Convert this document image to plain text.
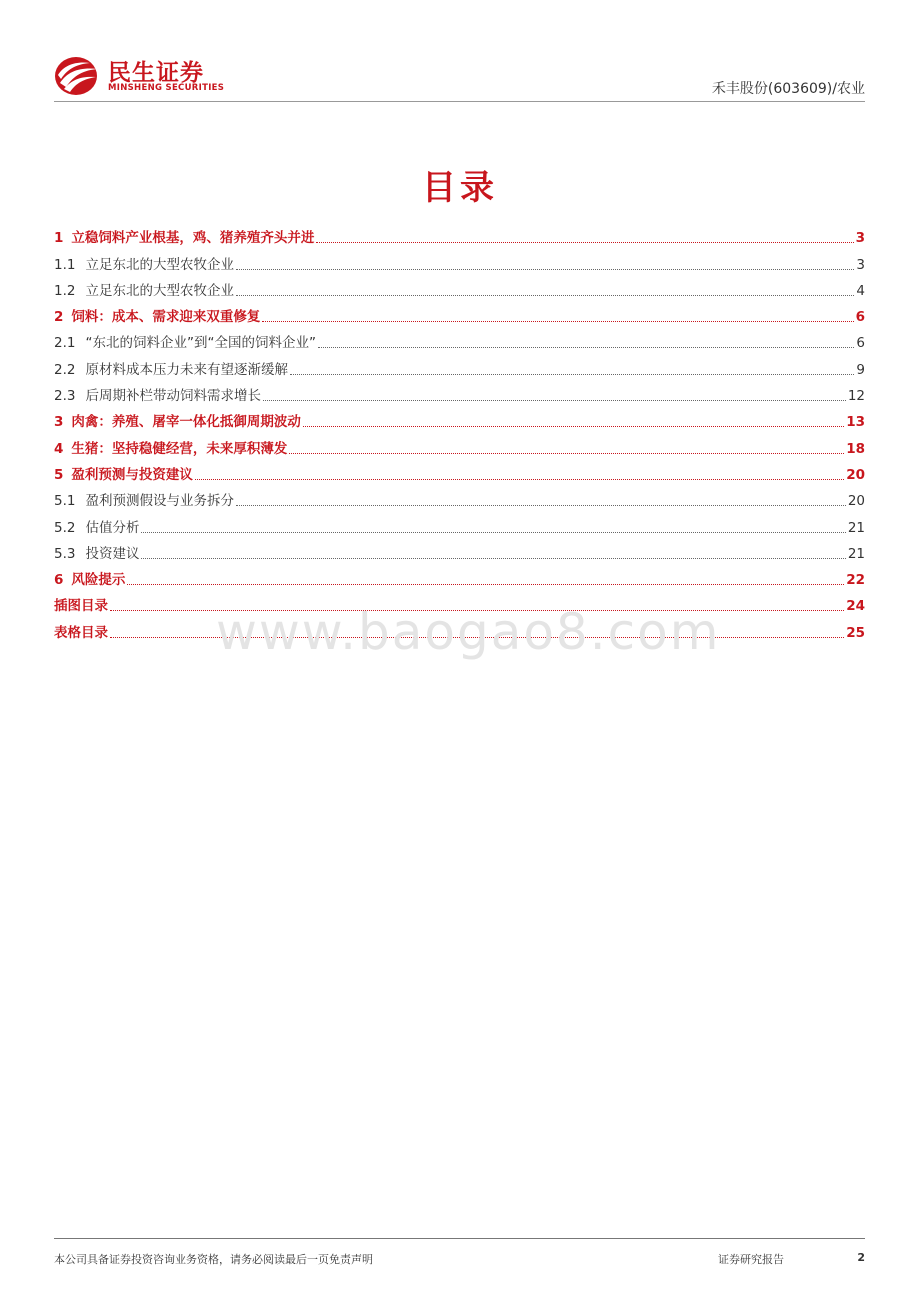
民生证券
MINSHENG SECURITIES	禾丰股份(603609)/农业
目录
1 立稳饲料产业根基，鸡、猪养殖齐头并进	3
1.1 立足东北的大型农牧企业	3
1.2 立足东北的大型农牧企业	4
2 饲料：成本、需求迎来双重修复	6
2.1 “东北的饲料企业”到“全国的饲料企业”	6
2.2 原材料成本压力未来有望逐渐缓解	9
2.3 后周期补栏带动饲料需求增长	12
3 肉禽：养殖、屠宰一体化抵御周期波动	13
4 生猪：坚持稳健经营，未来厚积薄发	18
5 盈利预测与投资建议	20
5.1 盈利预测假设与业务拆分	20
5.2 估值分析	21
5.3 投资建议	21
6 风险提示	22
插图目录	24
表格目录	25
www.baogao8.com
本公司具备证券投资咨询业务资格，请务必阅读最后一页免责声明	证券研究报告	2
